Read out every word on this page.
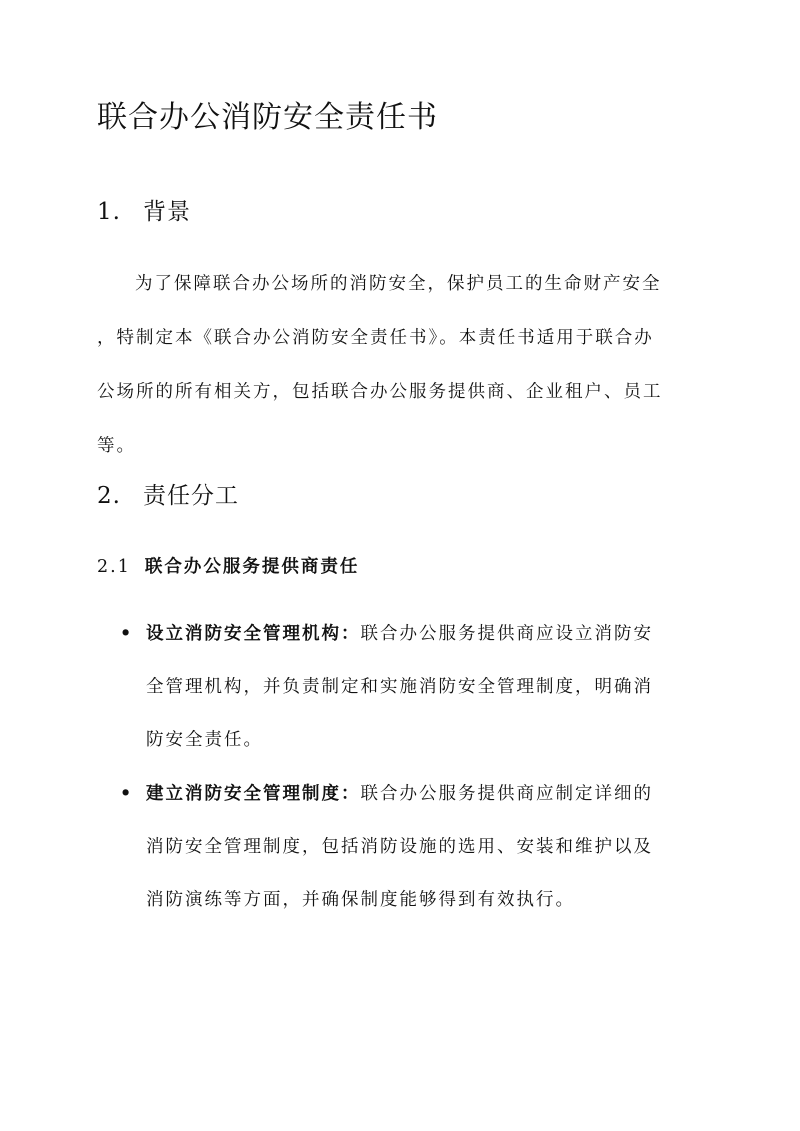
联合办公消防安全责任书
1. 背景
为了保障联合办公场所的消防安全，保护员工的生命财产安全
，特制定本《联合办公消防安全责任书》。本责任书适用于联合办
公场所的所有相关方，包括联合办公服务提供商、企业租户、员工
等。
2. 责任分工
2.1 联合办公服务提供商责任
• 设立消防安全管理机构：联合办公服务提供商应设立消防安
全管理机构，并负责制定和实施消防安全管理制度，明确消
防安全责任。
• 建立消防安全管理制度：联合办公服务提供商应制定详细的
消防安全管理制度，包括消防设施的选用、安装和维护以及
消防演练等方面，并确保制度能够得到有效执行。
